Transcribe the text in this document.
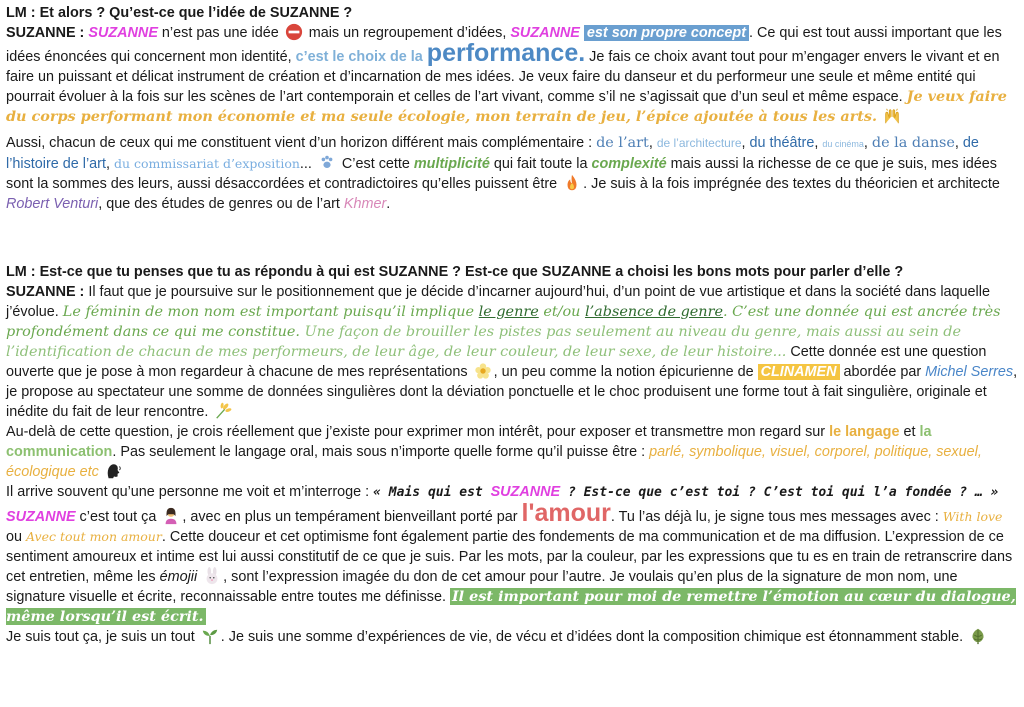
LM : Et alors ? Qu’est-ce que l’idée de SUZANNE ?

SUZANNE : SUZANNE n’est pas une idée  mais un regroupement d’idées, SUZANNE est son propre concept . Ce qui est tout aussi important que les idées énoncées qui concernent mon identité, c’est le choix de la performance. Je fais ce choix avant tout pour m’engager envers le vivant et en faire un puissant et délicat instrument de création et d’incarnation de mes idées. Je veux faire du danseur et du performeur une seule et même entité qui pourrait évoluer à la fois sur les scènes de l’art contemporain et celles de l’art vivant, comme s’il ne s’agissait que d’un seul et même espace. Je veux faire du corps performant mon économie et ma seule écologie, mon terrain de jeu, l’épice ajoutée à tous les arts.

Aussi, chacun de ceux qui me constituent vient d’un horizon différent mais complémentaire : de l’art, de l’architecture, du théâtre, du cinéma, de la danse, de l’histoire de l’art, du commissariat d’exposition...  C’est cette multiplicité qui fait toute la complexité mais aussi la richesse de ce que je suis, mes idées sont la sommes des leurs, aussi désaccordées et contradictoires qu’elles puissent être . Je suis à la fois imprégnée des textes du théoricien et architecte Robert Venturi, que des études de genres ou de l’art Khmer.

LM : Est-ce que tu penses que tu as répondu à qui est SUZANNE ? Est-ce que SUZANNE a choisi les bons mots pour parler d’elle ?

SUZANNE : Il faut que je poursuive sur le positionnement que je décide d’incarner aujourd’hui, d’un point de vue artistique et dans la société dans laquelle j’évolue. Le féminin de mon nom est important puisqu’il implique le genre et/ou l’absence de genre. C’est une donnée qui est ancrée très profondément dans ce qui me constitue. Une façon de brouiller les pistes pas seulement au niveau du genre, mais aussi au sein de l’identification de chacun de mes performeurs, de leur âge, de leur couleur, de leur sexe, de leur histoire... Cette donnée est une question ouverte que je pose à mon regardeur à chacune de mes représentations , un peu comme la notion épicurienne de CLINAMEN abordée par Michel Serres, je propose au spectateur une somme de données singulières dont la déviation ponctuelle et le choc produisent une forme tout à fait singulière, originale et inédite du fait de leur rencontre.

Au-delà de cette question, je crois réellement que j’existe pour exprimer mon intérêt, pour exposer et transmettre mon regard sur le langage et la communication. Pas seulement le langage oral, mais sous n’importe quelle forme qu’il puisse être : parlé, symbolique, visuel, corporel, politique, sexuel, écologique etc

Il arrive souvent qu’une personne me voit et m’interroge : « Mais qui est SUZANNE ? Est-ce que c’est toi ? C’est toi qui l’a fondée ? … » SUZANNE c’est tout ça , avec en plus un tempérament bienveillant porté par l'amour. Tu l’as déjà lu, je signe tous mes messages avec : With love ou Avec tout mon amour. Cette douceur et cet optimisme font également partie des fondements de ma communication et de ma diffusion. L’expression de ce sentiment amoureux et intime est lui aussi constitutif de ce que je suis. Par les mots, par la couleur, par les expressions que tu es en train de retranscrire dans cet entretien, même les émojii , sont l’expression imagée du don de cet amour pour l’autre. Je voulais qu’en plus de la signature de mon nom, une signature visuelle et écrite, reconnaissable entre toutes me définisse. Il est important pour moi de remettre l’émotion au cœur du dialogue, même lorsqu’il est écrit.

Je suis tout ça, je suis un tout . Je suis une somme d’expériences de vie, de vécu et d’idées dont la composition chimique est étonnamment stable.
